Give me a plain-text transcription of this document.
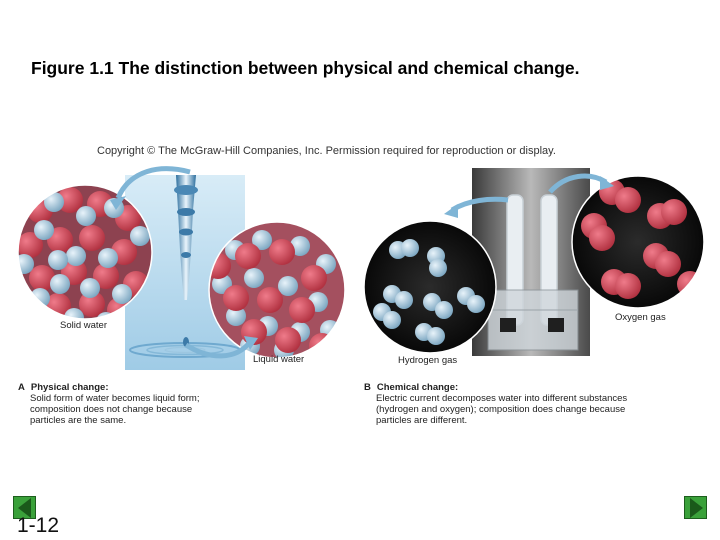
Figure 1.1 The distinction between physical and chemical change.
Copyright © The McGraw-Hill Companies, Inc. Permission required for reproduction or display.
Solid water
Liquid water	Hydrogen gas
Oxygen gas
A Physical change:
Solid form of water becomes liquid form;
composition does not change because
particles are the same.
B Chemical change:
Electric current decomposes water into different substances
(hydrogen and oxygen); composition does change because
particles are different.
1-12
